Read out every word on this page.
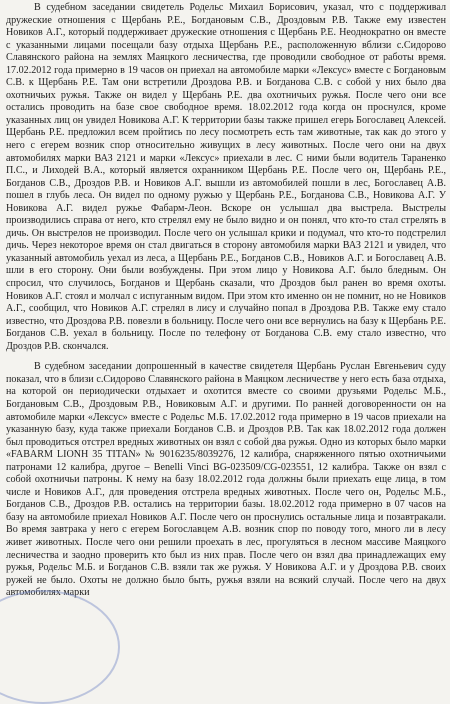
В судебном заседании свидетель Родельс Михаил Борисович, указал, что с поддерживал дружеские отношения с Щербань Р.Е., Богдановым С.В., Дроздовым Р.В. Также ему известен Новиков А.Г., который поддерживает дружеские отношения с Щербань Р.Е. Неоднократно он вместе с указанными лицами посещали базу отдыха Щербань Р.Е., расположенную вблизи с.Сидорово Славянского района на землях Маяцкого лесничества, где проводили свободное от работы время. 17.02.2012 года примерно в 19 часов он приехал на автомобиле марки «Лексус» вместе с Богдановым С.В. к Щербань Р.Е. Там они встретили Дроздова Р.В. и Богданова С.В. с собой у них было два охотничьих ружья. Также он видел у Щербань Р.Е. два охотничьих ружья. После чего они все остались проводить на базе свое свободное время. 18.02.2012 года когда он проснулся, кроме указанных лиц он увидел Новикова А.Г. К территории базы также пришел егерь Богославец Алексей. Щербань Р.Е. предложил всем пройтись по лесу посмотреть есть там животные, так как до этого у него с егерем возник спор относительно живущих в лесу животных. После чего они на двух автомобилях марки ВАЗ 2121 и марки «Лексус» приехали в лес. С ними были водитель Тараненко П.С., и Лиходей В.А., который является охранником Щербань Р.Е. После чего он, Щербань Р.Е., Богданов С.В., Дроздов Р.В. и Новиков А.Г. вышли из автомобилей пошли в лес, Богославец А.В. пошел в глубь леса. Он видел по одному ружью у Щербань Р.Е., Богданова С.В., Новикова А.Г. У Новикова А.Г. видел ружье Фабарм-Леон. Вскоре он услышал два выстрела. Выстрелы производились справа от него, кто стрелял ему не было видно и он понял, что кто-то стал стрелять в дичь. Он выстрелов не производил. После чего он услышал крики и подумал, что кто-то подстрелил дичь. Через некоторое время он стал двигаться в сторону автомобиля марки ВАЗ 2121 и увидел, что указанный автомобиль уехал из леса, а Щербань Р.Е., Богданов С.В., Новиков А.Г. и Богославец А.В. шли в его сторону. Они были возбуждены. При этом лицо у Новикова А.Г. было бледным. Он спросил, что случилось, Богданов и Щербань сказали, что Дроздов был ранен во время охоты. Новиков А.Г. стоял и молчал с испуганным видом. При этом кто именно он не помнит, но не Новиков А.Г., сообщил, что Новиков А.Г. стрелял в лису и случайно попал в Дроздова Р.В. Также ему стало известно, что Дроздова Р.В. повезли в больницу. После чего они все вернулись на базу к Щербань Р.Е. Богданов С.В. уехал в больницу. После по телефону от Богданова С.В. ему стало известно, что Дроздов Р.В. скончался.

В судебном заседании допрошенный в качестве свидетеля Щербань Руслан Евгеньевич суду показал, что в близи с.Сидорово Славянского района в Маяцком лесничестве у него есть база отдыха, на которой он периодически отдыхает и охотится вместе со своими друзьями Родельс М.Б., Богдановым С.В., Дроздовым Р.В., Новиковым А.Г. и другими. По ранней договоренности он на автомобиле марки «Лексус» вместе с Родельс М.Б. 17.02.2012 года примерно в 19 часов приехали на указанную базу, куда также приехали Богданов С.В. и Дроздов Р.В. Так как 18.02.2012 года должен был проводиться отстрел вредных животных он взял с собой два ружья. Одно из которых было марки «FABARM LIONH 35 TITAN» № 9016235/8039276, 12 калибра, снаряженного пятью охотничьими патронами 12 калибра, другое – Benelli Vinci BG-023509/CG-023551, 12 калибра. Также он взял с собой охотничьи патроны. К нему на базу 18.02.2012 года должны были приехать еще лица, в том числе и Новиков А.Г., для проведения отстрела вредных животных. После чего он, Родельс М.Б., Богданов С.В., Дроздов Р.В. остались на территории базы. 18.02.2012 года примерно в 07 часов на базу на автомобиле приехал Новиков А.Г. После чего он проснулись остальные лица и позавтракали. Во время завтрака у него с егерем Богославцем А.В. возник спор по поводу того, много ли в лесу живет животных. После чего они решили проехать в лес, прогуляться в лесном массиве Маяцкого лесничества и заодно проверить кто был из них прав. После чего он взял два принадлежащих ему ружья, Родельс М.Б. и Богданов С.В. взяли так же ружья. У Новикова А.Г. и у Дроздова Р.В. своих ружей не было. Охоты не должно было быть, ружья взяли на всякий случай. После чего на двух автомобилях марки
